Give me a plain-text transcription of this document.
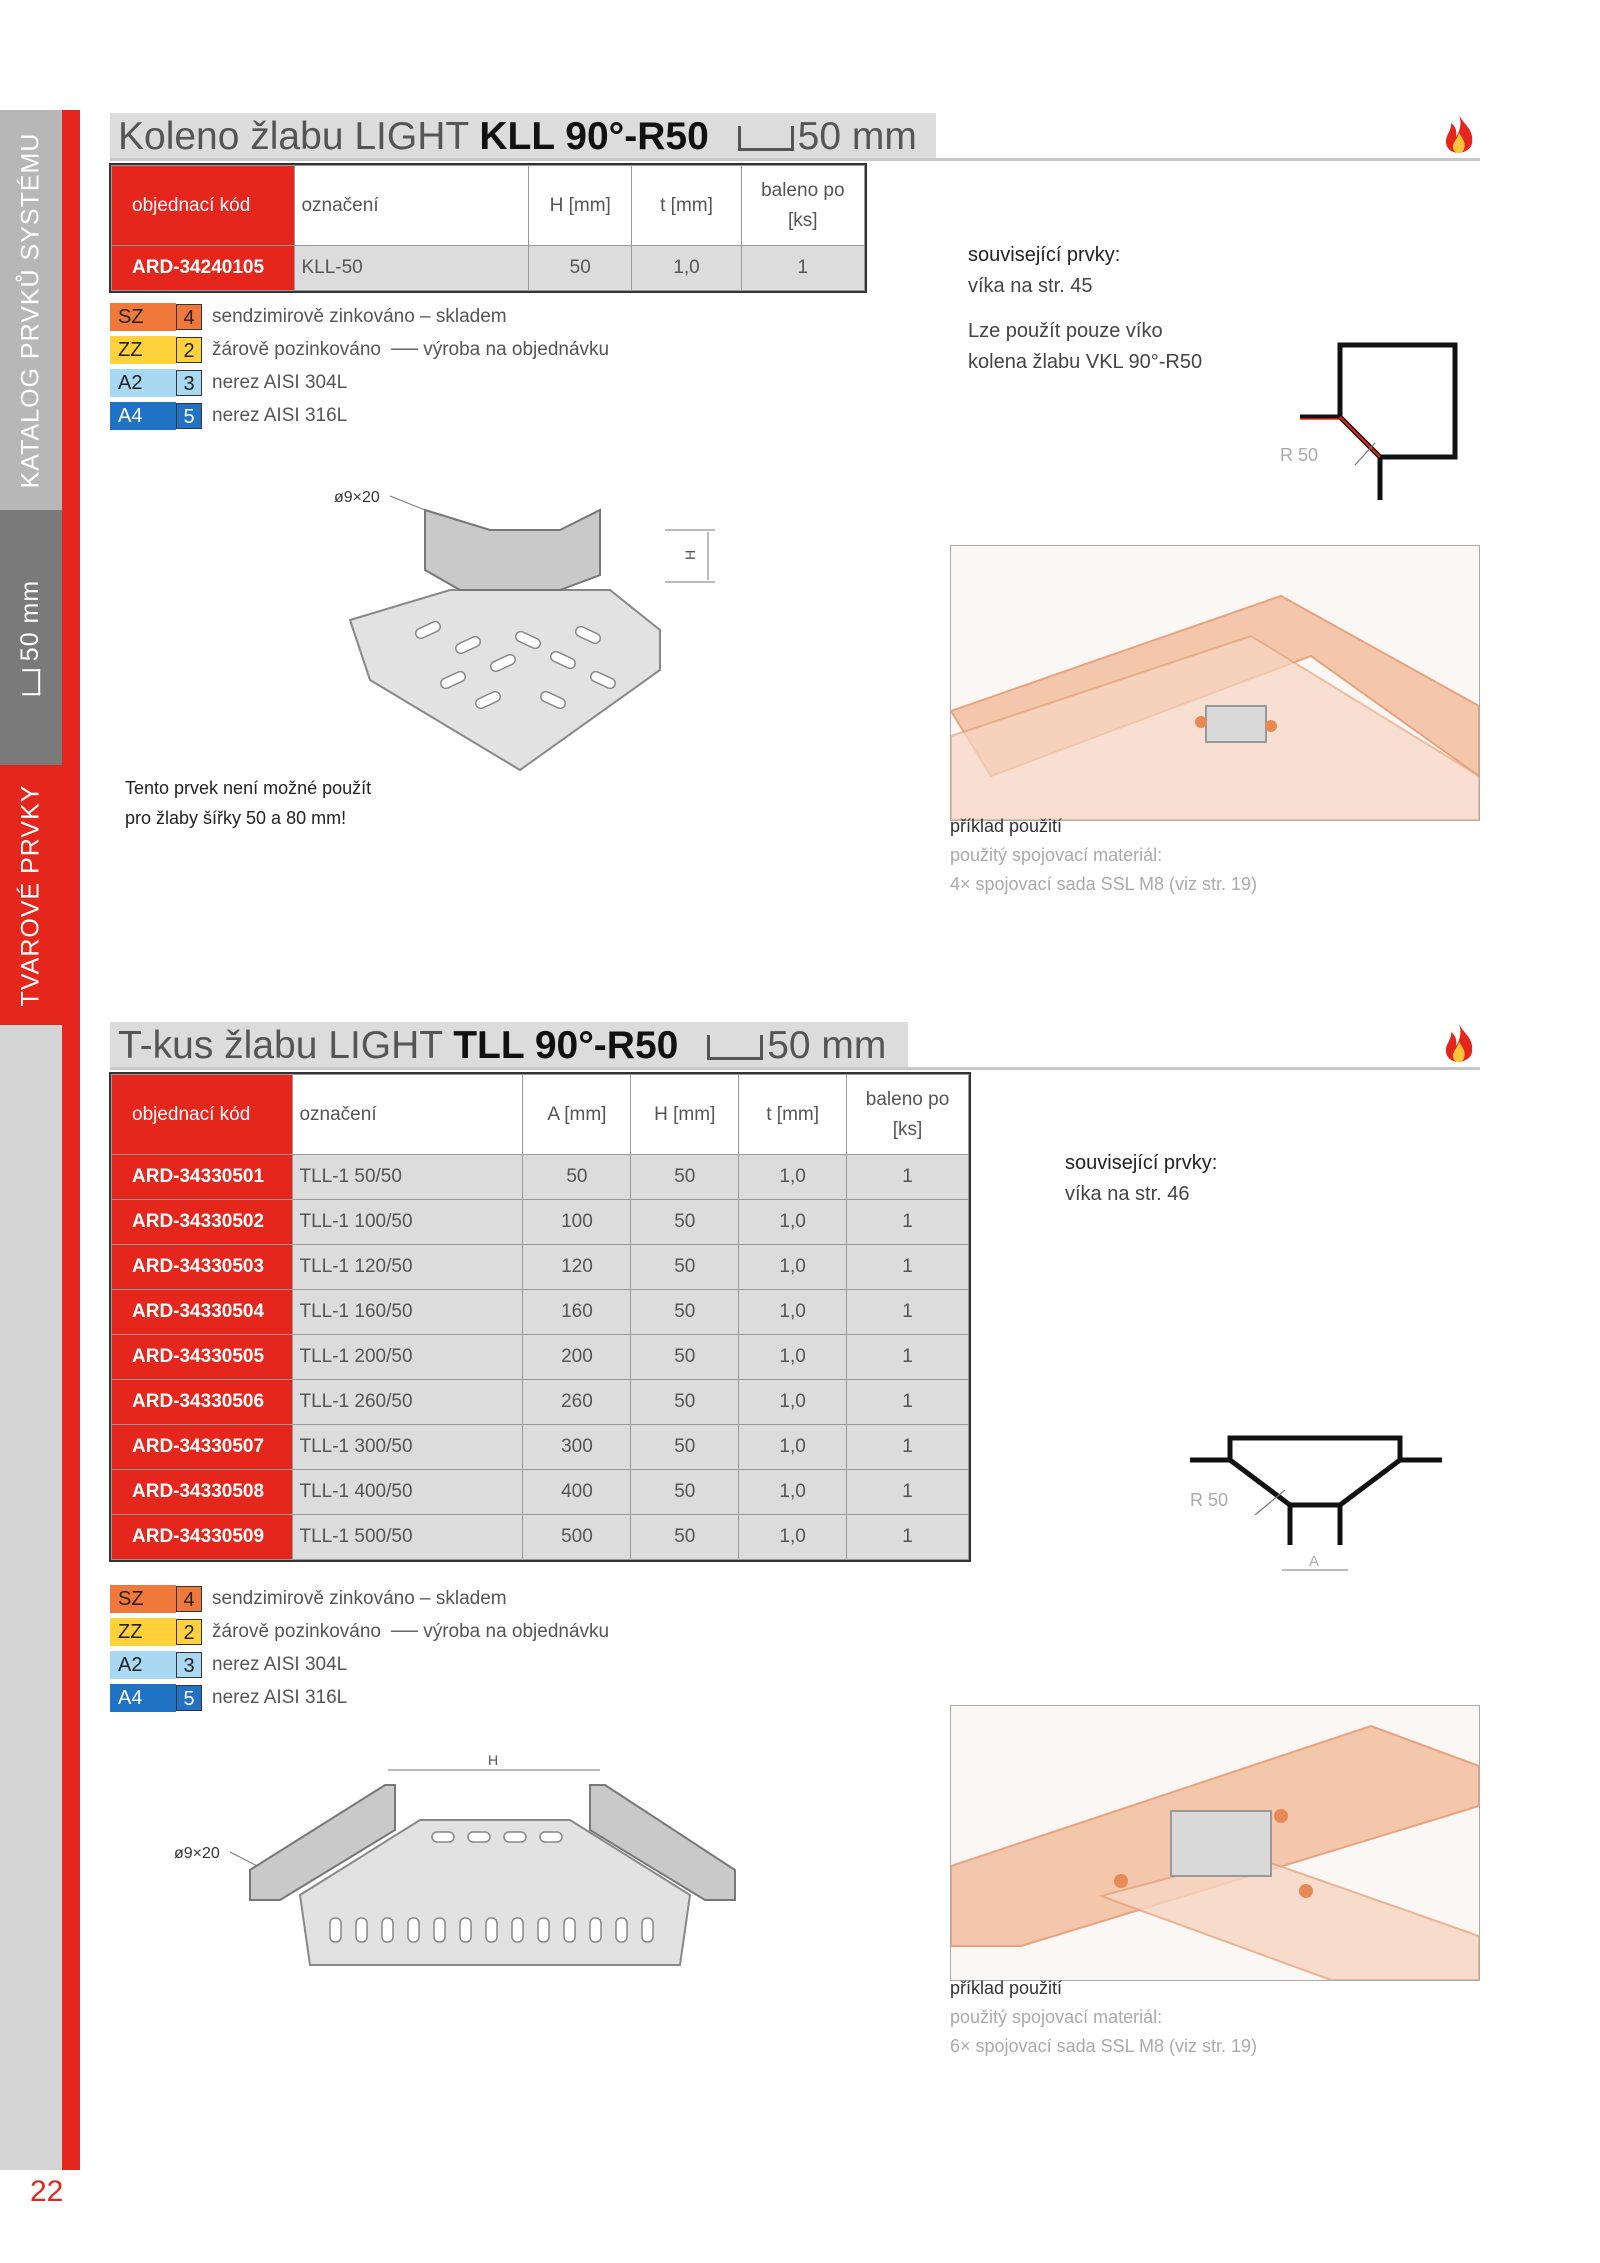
KATALOG PRVKŮ SYSTÉMU
50 mm
TVAROVÉ PRVKY
22
Koleno žlabu LIGHT KLL 90°-R50 50 mm
objednací kód	označení	H [mm]	t [mm]	baleno po
[ks]
ARD-34240105	KLL-50	50	1,0	1
SZ	4 sendzimirově zinkováno – skladem
ZZ	2 žárově pozinkováno ── výroba na objednávku
A2	3 nerez AISI 304L
A4	5 nerez AISI 316L
související prvky:
víka na str. 45
Lze použít pouze víko
kolena žlabu VKL 90°-R50
R 50
ø9×20
H
Tento prvek není možné použít
pro žlaby šířky 50 a 80 mm!	příklad použití
použitý spojovací materiál:
4× spojovací sada SSL M8 (viz str. 19)
T-kus žlabu LIGHT TLL 90°-R50 50 mm
objednací kód	označení	A [mm]	H [mm]	t [mm]	baleno po
[ks]
ARD-34330501	TLL-1 50/50	50	50	1,0	1
ARD-34330502	TLL-1 100/50	100	50	1,0	1
ARD-34330503	TLL-1 120/50	120	50	1,0	1
ARD-34330504	TLL-1 160/50	160	50	1,0	1
ARD-34330505	TLL-1 200/50	200	50	1,0	1
ARD-34330506	TLL-1 260/50	260	50	1,0	1
ARD-34330507	TLL-1 300/50	300	50	1,0	1
ARD-34330508	TLL-1 400/50	400	50	1,0	1
ARD-34330509	TLL-1 500/50	500	50	1,0	1
SZ	4 sendzimirově zinkováno – skladem
ZZ	2 žárově pozinkováno ── výroba na objednávku
A2	3 nerez AISI 304L
A4	5 nerez AISI 316L
související prvky:
víka na str. 46
R 50
A
ø9×20
H
příklad použití
použitý spojovací materiál:
6× spojovací sada SSL M8 (viz str. 19)
